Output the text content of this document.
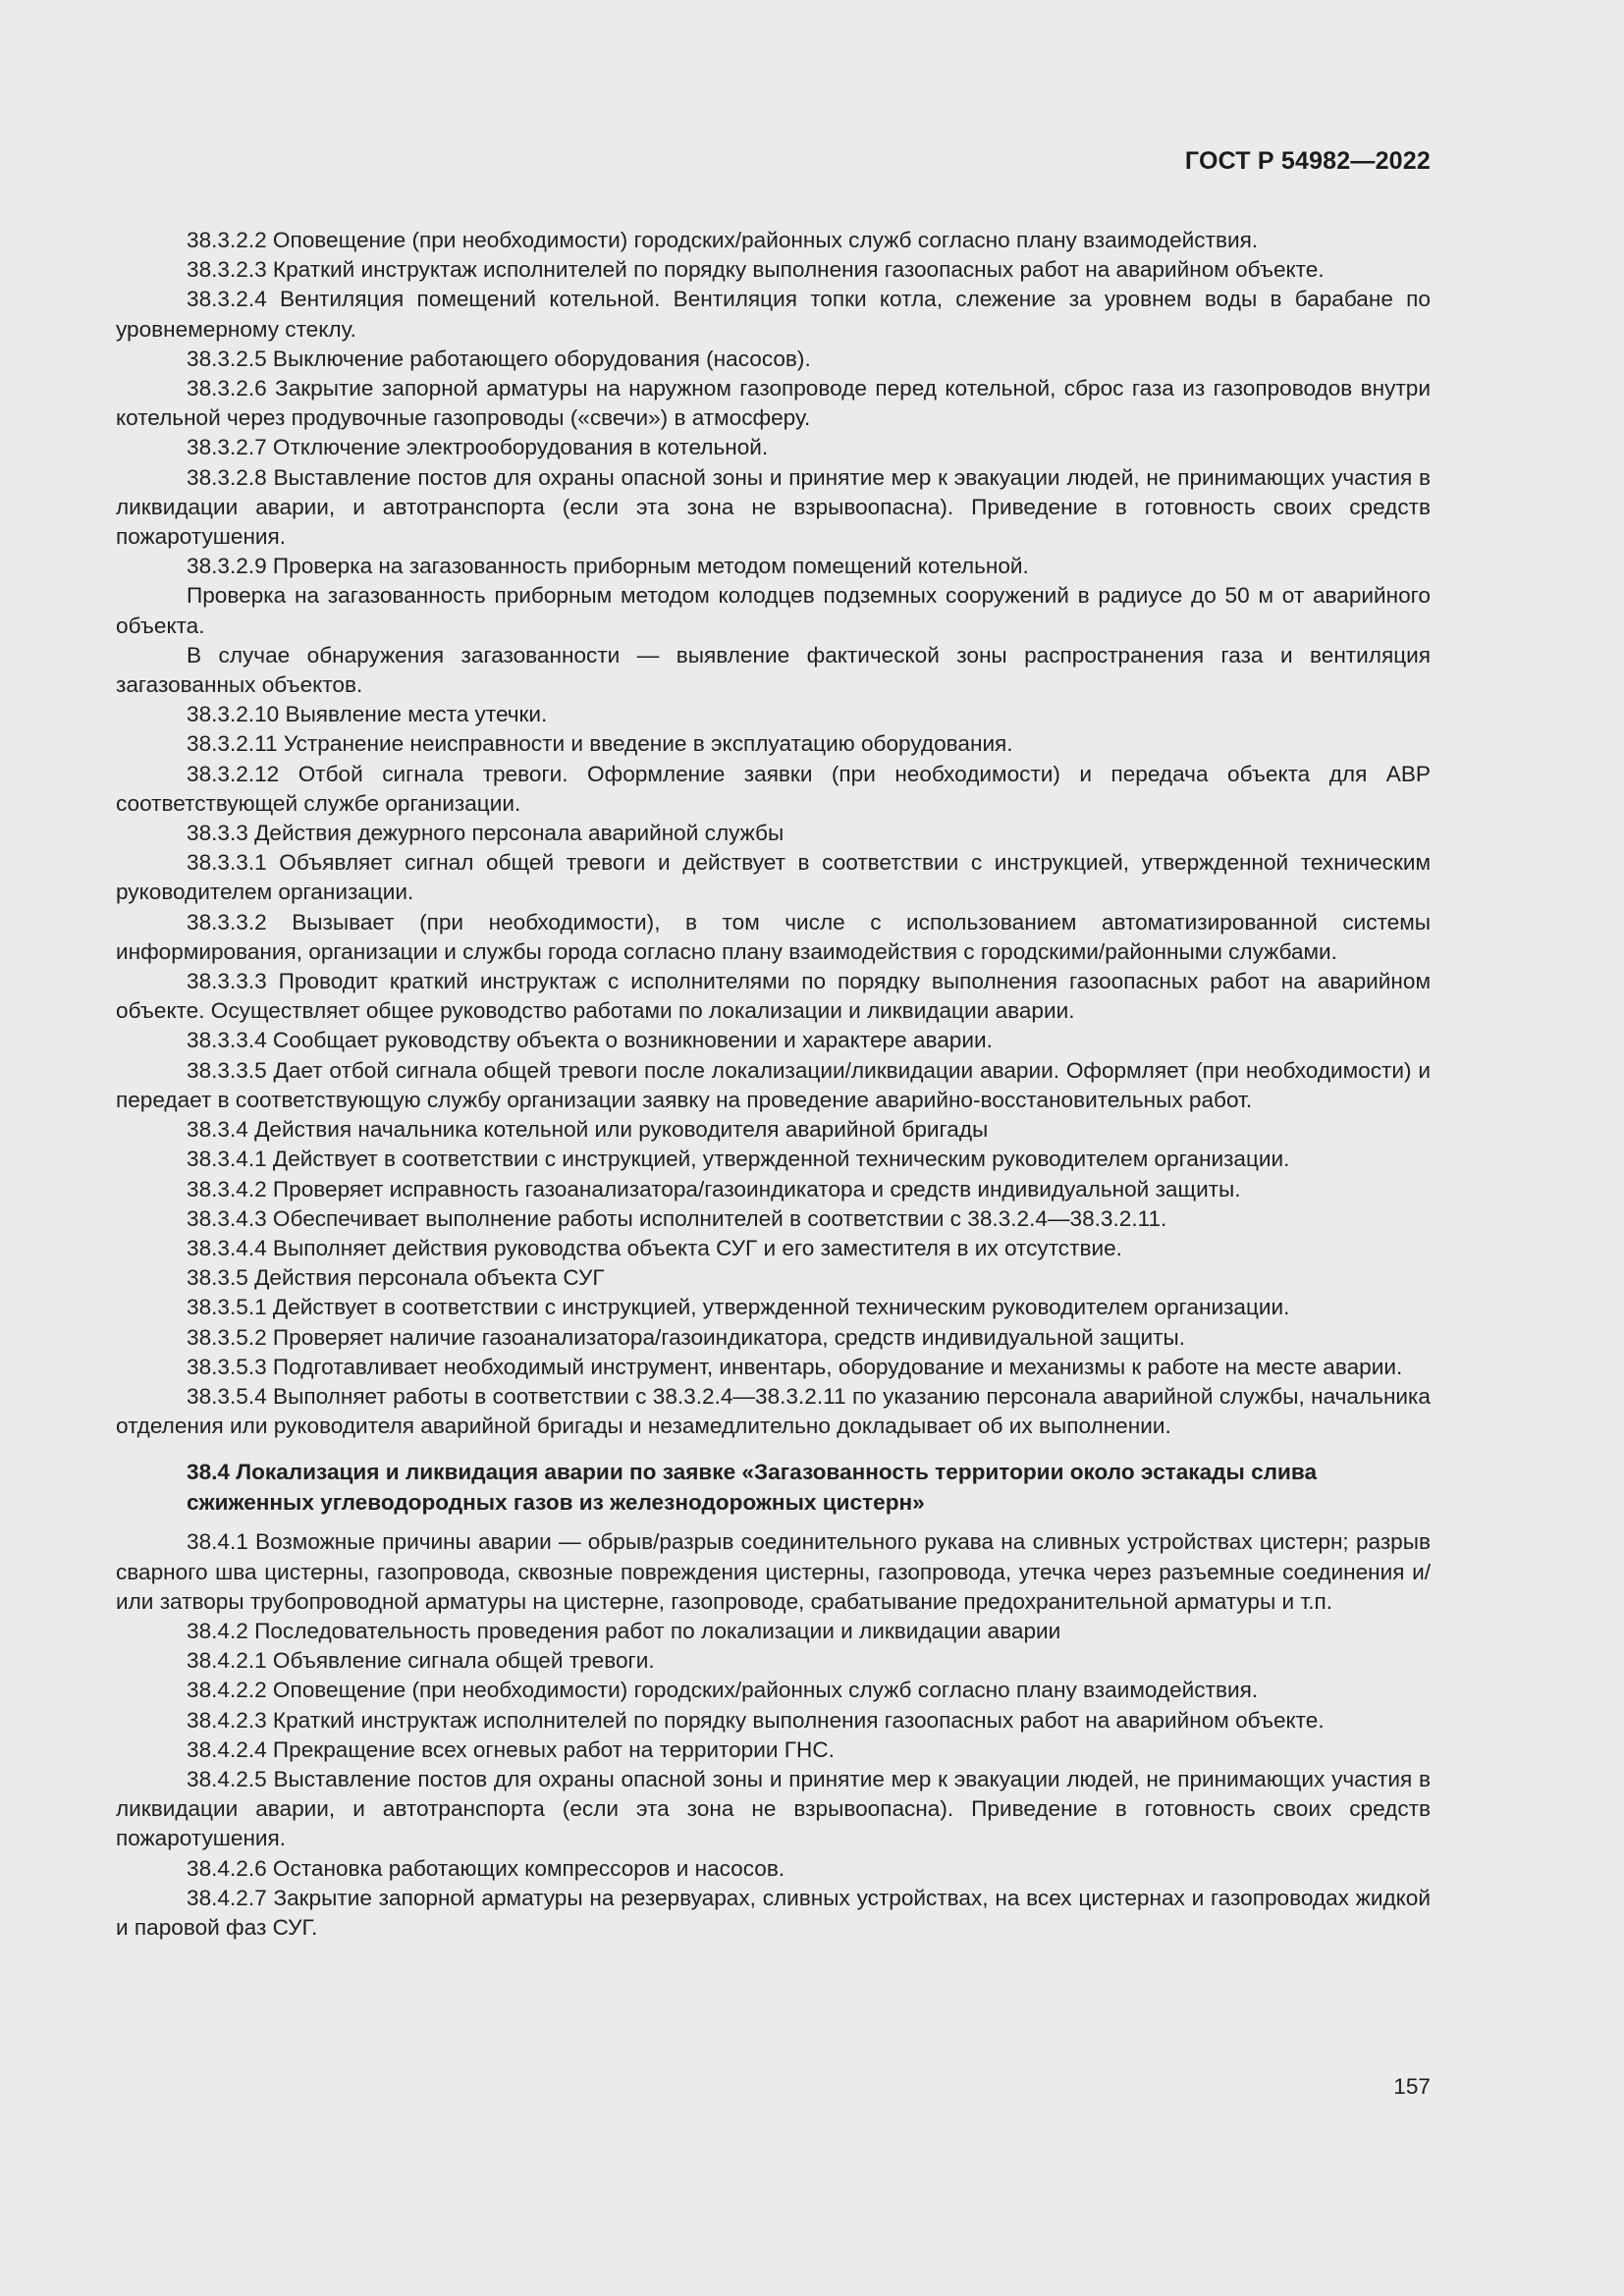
ГОСТ Р 54982—2022

38.3.2.2 Оповещение (при необходимости) городских/районных служб согласно плану взаимодействия.

38.3.2.3 Краткий инструктаж исполнителей по порядку выполнения газоопасных работ на аварийном объекте.

38.3.2.4 Вентиляция помещений котельной. Вентиляция топки котла, слежение за уровнем воды в барабане по уровнемерному стеклу.

38.3.2.5 Выключение работающего оборудования (насосов).

38.3.2.6 Закрытие запорной арматуры на наружном газопроводе перед котельной, сброс газа из газопроводов внутри котельной через продувочные газопроводы («свечи») в атмосферу.

38.3.2.7 Отключение электрооборудования в котельной.

38.3.2.8 Выставление постов для охраны опасной зоны и принятие мер к эвакуации людей, не принимающих участия в ликвидации аварии, и автотранспорта (если эта зона не взрывоопасна). Приведение в готовность своих средств пожаротушения.

38.3.2.9 Проверка на загазованность приборным методом помещений котельной.

Проверка на загазованность приборным методом колодцев подземных сооружений в радиусе до 50 м от аварийного объекта.

В случае обнаружения загазованности — выявление фактической зоны распространения газа и вентиляция загазованных объектов.

38.3.2.10 Выявление места утечки.

38.3.2.11 Устранение неисправности и введение в эксплуатацию оборудования.

38.3.2.12 Отбой сигнала тревоги. Оформление заявки (при необходимости) и передача объекта для АВР соответствующей службе организации.

38.3.3 Действия дежурного персонала аварийной службы

38.3.3.1 Объявляет сигнал общей тревоги и действует в соответствии с инструкцией, утвержденной техническим руководителем организации.

38.3.3.2 Вызывает (при необходимости), в том числе с использованием автоматизированной системы информирования, организации и службы города согласно плану взаимодействия с городскими/районными службами.

38.3.3.3 Проводит краткий инструктаж с исполнителями по порядку выполнения газоопасных работ на аварийном объекте. Осуществляет общее руководство работами по локализации и ликвидации аварии.

38.3.3.4 Сообщает руководству объекта о возникновении и характере аварии.

38.3.3.5 Дает отбой сигнала общей тревоги после локализации/ликвидации аварии. Оформляет (при необходимости) и передает в соответствующую службу организации заявку на проведение аварийно-восстановительных работ.

38.3.4 Действия начальника котельной или руководителя аварийной бригады

38.3.4.1 Действует в соответствии с инструкцией, утвержденной техническим руководителем организации.

38.3.4.2 Проверяет исправность газоанализатора/газоиндикатора и средств индивидуальной защиты.

38.3.4.3 Обеспечивает выполнение работы исполнителей в соответствии с 38.3.2.4—38.3.2.11.

38.3.4.4 Выполняет действия руководства объекта СУГ и его заместителя в их отсутствие.

38.3.5 Действия персонала объекта СУГ

38.3.5.1 Действует в соответствии с инструкцией, утвержденной техническим руководителем организации.

38.3.5.2 Проверяет наличие газоанализатора/газоиндикатора, средств индивидуальной защиты.

38.3.5.3 Подготавливает необходимый инструмент, инвентарь, оборудование и механизмы к работе на месте аварии.

38.3.5.4 Выполняет работы в соответствии с 38.3.2.4—38.3.2.11 по указанию персонала аварийной службы, начальника отделения или руководителя аварийной бригады и незамедлительно докладывает об их выполнении.

38.4 Локализация и ликвидация аварии по заявке «Загазованность территории около эстакады слива сжиженных углеводородных газов из железнодорожных цистерн»

38.4.1 Возможные причины аварии — обрыв/разрыв соединительного рукава на сливных устройствах цистерн; разрыв сварного шва цистерны, газопровода, сквозные повреждения цистерны, газопровода, утечка через разъемные соединения и/или затворы трубопроводной арматуры на цистерне, газопроводе, срабатывание предохранительной арматуры и т.п.

38.4.2 Последовательность проведения работ по локализации и ликвидации аварии

38.4.2.1 Объявление сигнала общей тревоги.

38.4.2.2 Оповещение (при необходимости) городских/районных служб согласно плану взаимодействия.

38.4.2.3 Краткий инструктаж исполнителей по порядку выполнения газоопасных работ на аварийном объекте.

38.4.2.4 Прекращение всех огневых работ на территории ГНС.

38.4.2.5 Выставление постов для охраны опасной зоны и принятие мер к эвакуации людей, не принимающих участия в ликвидации аварии, и автотранспорта (если эта зона не взрывоопасна). Приведение в готовность своих средств пожаротушения.

38.4.2.6 Остановка работающих компрессоров и насосов.

38.4.2.7 Закрытие запорной арматуры на резервуарах, сливных устройствах, на всех цистернах и газопроводах жидкой и паровой фаз СУГ.

157
